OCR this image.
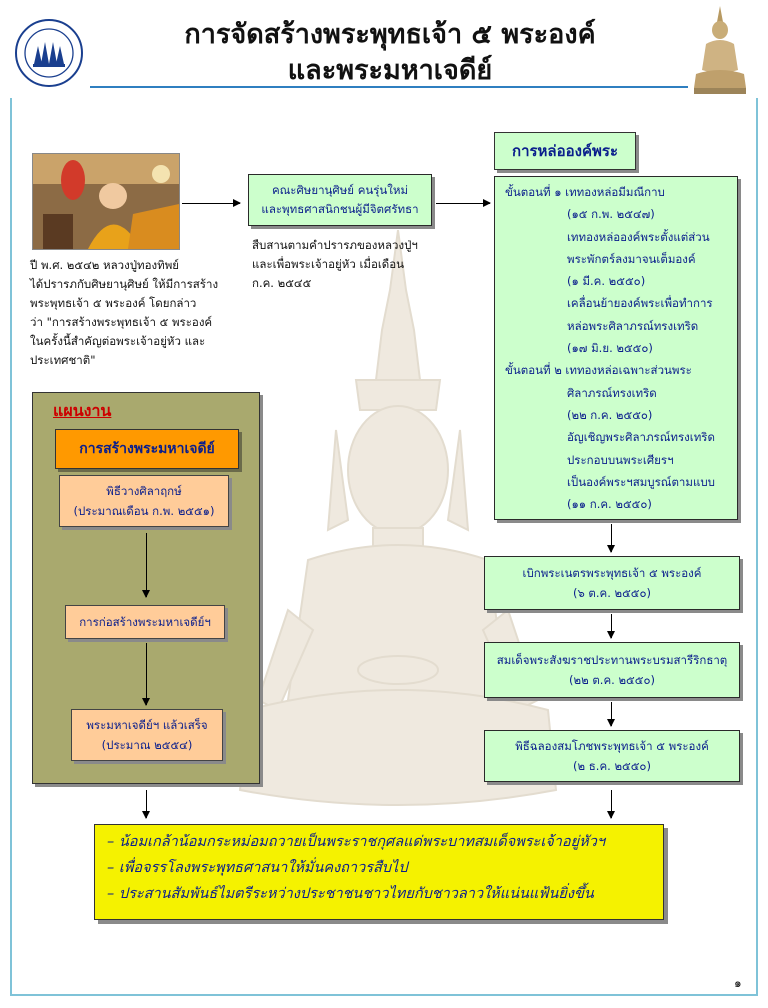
การจัดสร้างพระพุทธเจ้า ๕ พระองค์
และพระมหาเจดีย์
ปี พ.ศ. ๒๕๔๒ หลวงปู่ทองทิพย์
ได้ปรารภกับศิษยานุศิษย์ ให้มีการสร้าง
พระพุทธเจ้า ๕ พระองค์ โดยกล่าว
ว่า "การสร้างพระพุทธเจ้า ๕ พระองค์
ในครั้งนี้สำคัญต่อพระเจ้าอยู่หัว และ
ประเทศชาติ"
คณะศิษยานุศิษย์ คนรุ่นใหม่
และพุทธศาสนิกชนผู้มีจิตศรัทธา
สืบสานตามคำปรารภของหลวงปู่ฯ
และเพื่อพระเจ้าอยู่หัว เมื่อเดือน
ก.ค. ๒๕๔๕
การหล่อองค์พระ
ขั้นตอนที่ ๑ เททองหล่อมีมณีกาบ
(๑๕ ก.พ. ๒๕๔๗)
เททองหล่อองค์พระตั้งแต่ส่วน
พระพักตร์ลงมาจนเต็มองค์
(๑ มี.ค. ๒๕๕๐)
เคลื่อนย้ายองค์พระเพื่อทำการ
หล่อพระศิลาภรณ์ทรงเทริด
(๑๗ มิ.ย. ๒๕๕๐)
ขั้นตอนที่ ๒ เททองหล่อเฉพาะส่วนพระ
ศิลาภรณ์ทรงเทริด
(๒๒ ก.ค. ๒๕๕๐)
อัญเชิญพระศิลาภรณ์ทรงเทริด
ประกอบบนพระเศียรฯ
เป็นองค์พระฯสมบูรณ์ตามแบบ
(๑๑ ก.ค. ๒๕๕๐)
เบิกพระเนตรพระพุทธเจ้า ๕ พระองค์
(๖ ต.ค. ๒๕๕๐)
สมเด็จพระสังฆราชประทานพระบรมสารีริกธาตุ
(๒๒ ต.ค. ๒๕๕๐)
พิธีฉลองสมโภชพระพุทธเจ้า ๕ พระองค์
(๒ ธ.ค. ๒๕๕๐)
แผนงาน
การสร้างพระมหาเจดีย์
พิธีวางศิลาฤกษ์
(ประมาณเดือน ก.พ. ๒๕๕๑)
การก่อสร้างพระมหาเจดีย์ฯ
พระมหาเจดีย์ฯ แล้วเสร็จ
(ประมาณ ๒๕๕๔)
– น้อมเกล้าน้อมกระหม่อมถวายเป็นพระราชกุศลแด่พระบาทสมเด็จพระเจ้าอยู่หัวฯ
– เพื่อจรรโลงพระพุทธศาสนาให้มั่นคงถาวรสืบไป
– ประสานสัมพันธ์ไมตรีระหว่างประชาชนชาวไทยกับชาวลาวให้แน่นแฟ้นยิ่งขึ้น
๑
